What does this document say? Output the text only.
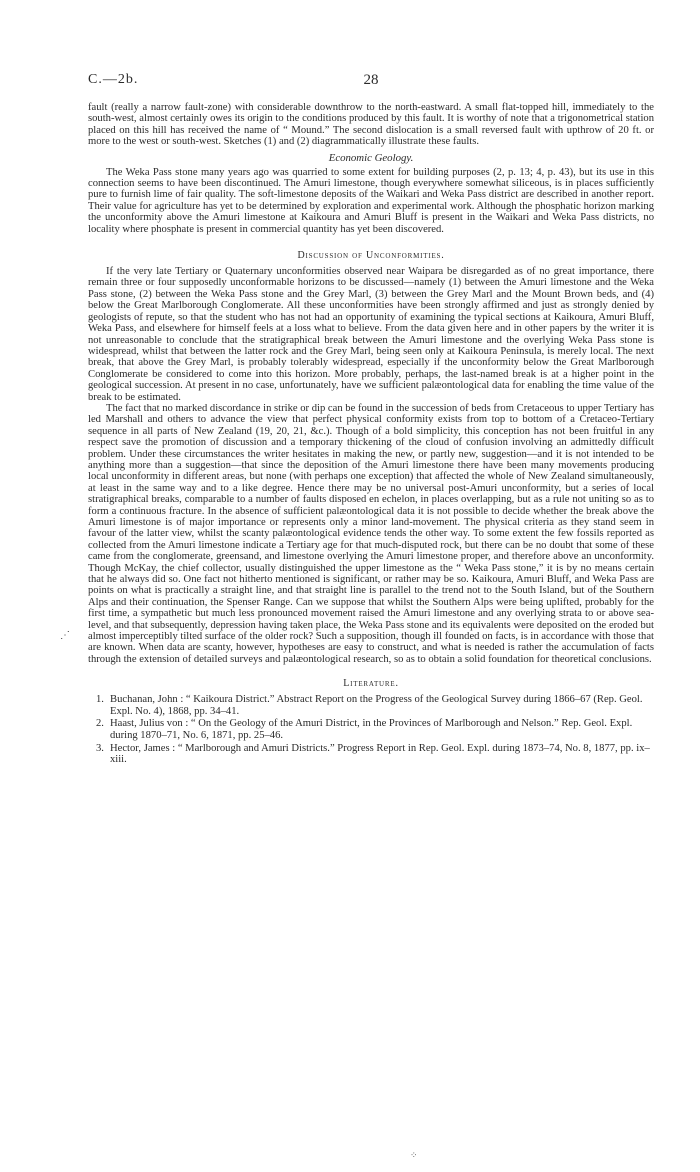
C.—2b.	28

fault (really a narrow fault-zone) with considerable downthrow to the north-eastward. A small flat-topped hill, immediately to the south-west, almost certainly owes its origin to the conditions produced by this fault. It is worthy of note that a trigonometrical station placed on this hill has received the name of “ Mound.” The second dislocation is a small reversed fault with upthrow of 20 ft. or more to the west or south-west. Sketches (1) and (2) diagrammatically illustrate these faults.

Economic Geology.

The Weka Pass stone many years ago was quarried to some extent for building purposes (2, p. 13; 4, p. 43), but its use in this connection seems to have been discontinued. The Amuri limestone, though everywhere somewhat siliceous, is in places sufficiently pure to furnish lime of fair quality. The soft-limestone deposits of the Waikari and Weka Pass district are described in another report. Their value for agriculture has yet to be determined by exploration and experimental work. Although the phosphatic horizon marking the unconformity above the Amuri limestone at Kaikoura and Amuri Bluff is present in the Waikari and Weka Pass districts, no locality where phosphate is present in commercial quantity has yet been discovered.

Discussion of Unconformities.

If the very late Tertiary or Quaternary unconformities observed near Waipara be disregarded as of no great importance, there remain three or four supposedly unconformable horizons to be discussed—namely (1) between the Amuri limestone and the Weka Pass stone, (2) between the Weka Pass stone and the Grey Marl, (3) between the Grey Marl and the Mount Brown beds, and (4) below the Great Marlborough Conglomerate. All these unconformities have been strongly affirmed and just as strongly denied by geologists of repute, so that the student who has not had an opportunity of examining the typical sections at Kaikoura, Amuri Bluff, Weka Pass, and elsewhere for himself feels at a loss what to believe. From the data given here and in other papers by the writer it is not unreasonable to conclude that the stratigraphical break between the Amuri limestone and the overlying Weka Pass stone is widespread, whilst that between the latter rock and the Grey Marl, being seen only at Kaikoura Peninsula, is merely local. The next break, that above the Grey Marl, is probably tolerably widespread, especially if the unconformity below the Great Marlborough Conglomerate be considered to come into this horizon. More probably, perhaps, the last-named break is at a higher point in the geological succession. At present in no case, unfortunately, have we sufficient palæontological data for enabling the time value of the break to be estimated.

The fact that no marked discordance in strike or dip can be found in the succession of beds from Cretaceous to upper Tertiary has led Marshall and others to advance the view that perfect physical conformity exists from top to bottom of a Cretaceo-Tertiary sequence in all parts of New Zealand (19, 20, 21, &c.). Though of a bold simplicity, this conception has not been fruitful in any respect save the promotion of discussion and a temporary thickening of the cloud of confusion involving an admittedly difficult problem. Under these circumstances the writer hesitates in making the new, or partly new, suggestion—and it is not intended to be anything more than a suggestion—that since the deposition of the Amuri limestone there have been many movements producing local unconformity in different areas, but none (with perhaps one exception) that affected the whole of New Zealand simultaneously, at least in the same way and to a like degree. Hence there may be no universal post-Amuri unconformity, but a series of local stratigraphical breaks, comparable to a number of faults disposed en echelon, in places overlapping, but as a rule not uniting so as to form a continuous fracture. In the absence of sufficient palæontological data it is not possible to decide whether the break above the Amuri limestone is of major importance or represents only a minor land-movement. The physical criteria as they stand seem in favour of the latter view, whilst the scanty palæontological evidence tends the other way. To some extent the few fossils reported as collected from the Amuri limestone indicate a Tertiary age for that much-disputed rock, but there can be no doubt that some of these came from the conglomerate, greensand, and limestone overlying the Amuri limestone proper, and therefore above an unconformity. Though McKay, the chief collector, usually distinguished the upper limestone as the “ Weka Pass stone,” it is by no means certain that he always did so. One fact not hitherto mentioned is significant, or rather may be so. Kaikoura, Amuri Bluff, and Weka Pass are points on what is practically a straight line, and that straight line is parallel to the trend not to the South Island, but of the Southern Alps and their continuation, the Spenser Range. Can we suppose that whilst the Southern Alps were being uplifted, probably for the first time, a sympathetic but much less pronounced movement raised the Amuri limestone and any overlying strata to or above sea-level, and that subsequently, depression having taken place, the Weka Pass stone and its equivalents were deposited on the eroded but almost imperceptibly tilted surface of the older rock? Such a supposition, though ill founded on facts, is in accordance with those that are known. When data are scanty, however, hypotheses are easy to construct, and what is needed is rather the accumulation of facts through the extension of detailed surveys and palæontological research, so as to obtain a solid foundation for theoretical conclusions.

Literature.
1. Buchanan, John : “ Kaikoura District.” Abstract Report on the Progress of the Geological Survey during 1866–67 (Rep. Geol. Expl. No. 4), 1868, pp. 34–41.
2. Haast, Julius von : “ On the Geology of the Amuri District, in the Provinces of Marlborough and Nelson.” Rep. Geol. Expl. during 1870–71, No. 6, 1871, pp. 25–46.
3. Hector, James : “ Marlborough and Amuri Districts.” Progress Report in Rep. Geol. Expl. during 1873–74, No. 8, 1877, pp. ix–xiii.
⋰
⁘
